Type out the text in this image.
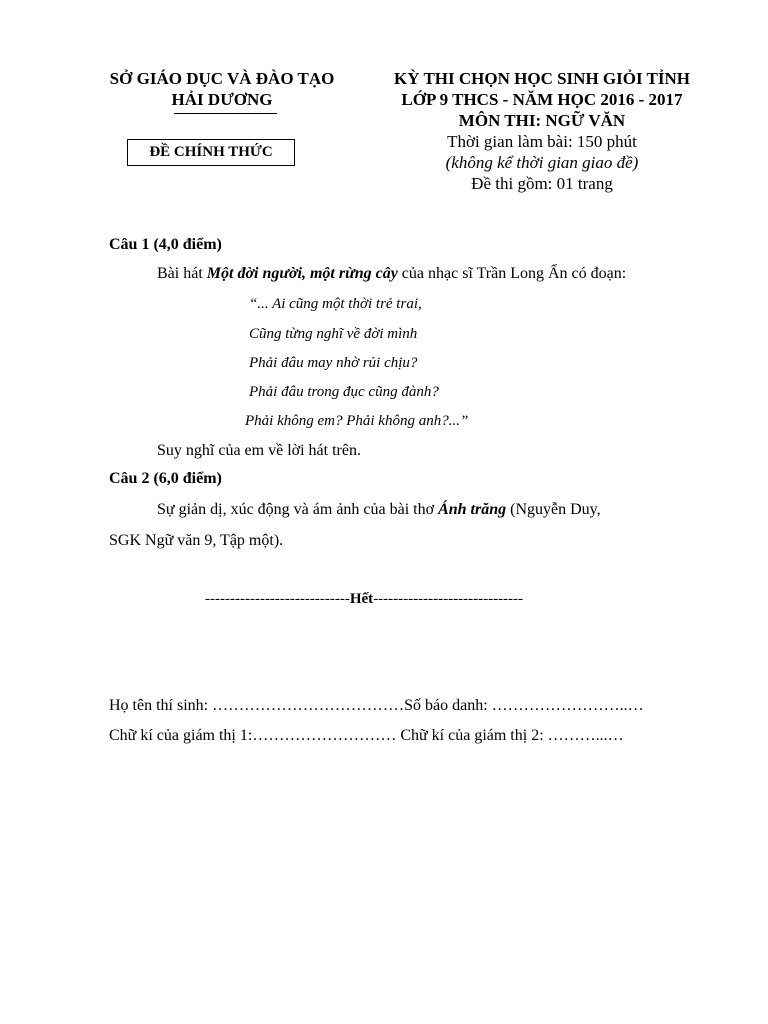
SỞ GIÁO DỤC VÀ ĐÀO TẠO
HẢI DƯƠNG
ĐỀ CHÍNH THỨC
KỲ THI CHỌN HỌC SINH GIỎI TỈNH
LỚP 9 THCS - NĂM HỌC 2016 - 2017
MÔN THI: NGỮ VĂN
Thời gian làm bài: 150 phút
(không kể thời gian giao đề)
Đề thi gồm: 01 trang
Câu 1 (4,0 điểm)
Bài hát Một đời người, một rừng cây của nhạc sĩ Trần Long Ẩn có đoạn:
“... Ai cũng một thời trẻ trai,
Cũng từng nghĩ về đời mình
Phải đâu may nhờ rủi chịu?
Phải đâu trong đục cũng đành?
Phải không em? Phải không anh?...”
Suy nghĩ của em về lời hát trên.
Câu 2 (6,0 điểm)
Sự giản dị, xúc động và ám ảnh của bài thơ Ánh trăng (Nguyễn Duy,
SGK Ngữ văn 9, Tập một).
-----------------------------Hết------------------------------
Họ tên thí sinh: ………………………………Số báo danh: ……………………..…
Chữ kí của giám thị 1:……………………… Chữ kí của giám thị 2: ………...…
